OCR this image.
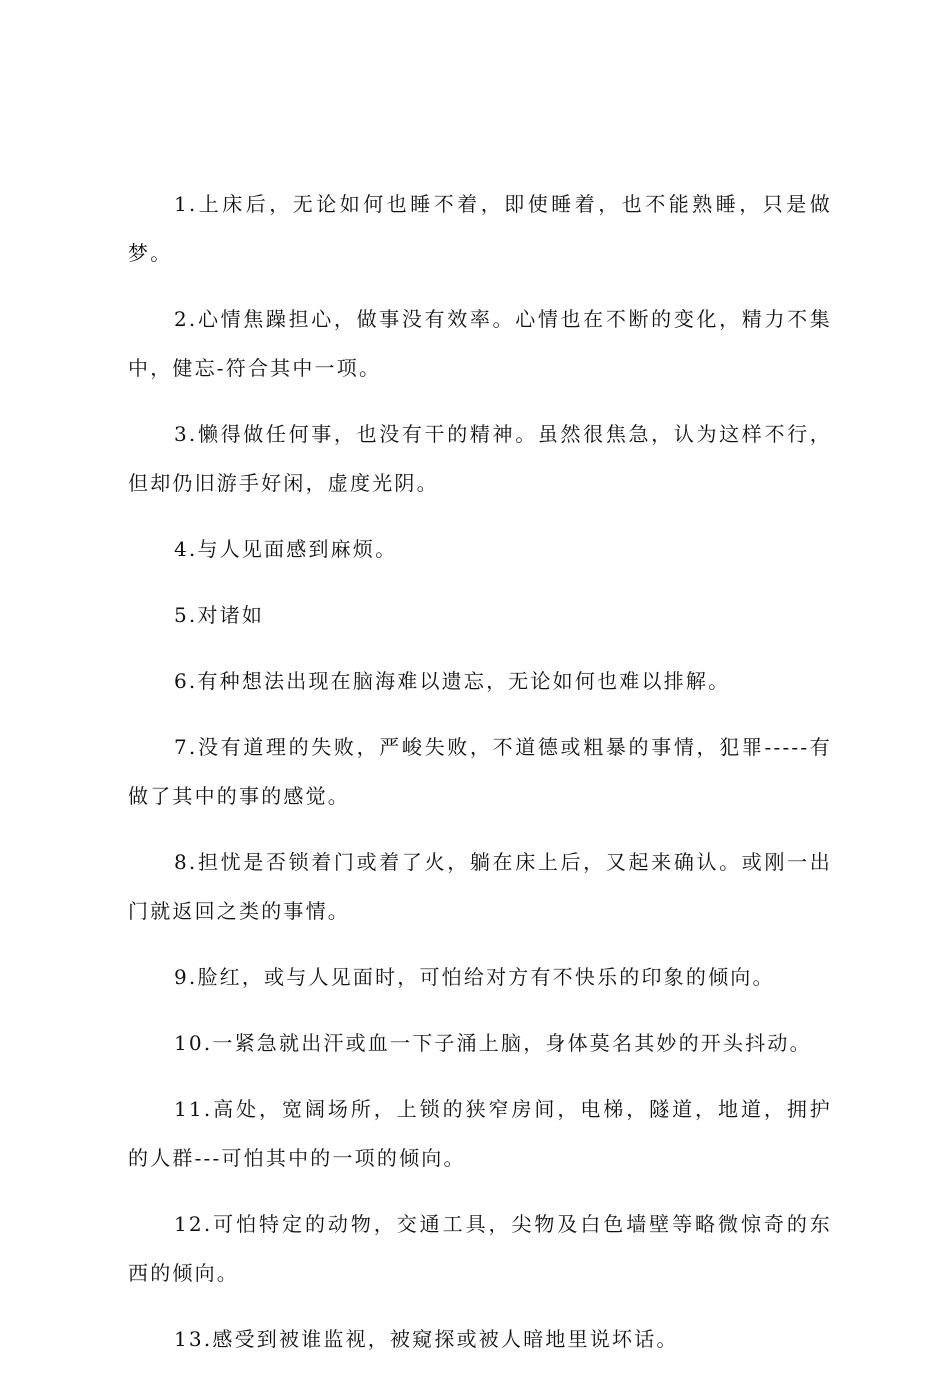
1.上床后，无论如何也睡不着，即使睡着，也不能熟睡，只是做梦。

2.心情焦躁担心，做事没有效率。心情也在不断的变化，精力不集中，健忘-符合其中一项。

3.懒得做任何事，也没有干的精神。虽然很焦急，认为这样不行，但却仍旧游手好闲，虚度光阴。

4.与人见面感到麻烦。

5.对诸如

6.有种想法出现在脑海难以遗忘，无论如何也难以排解。

7.没有道理的失败，严峻失败，不道德或粗暴的事情，犯罪-----有做了其中的事的感觉。

8.担忧是否锁着门或着了火，躺在床上后，又起来确认。或刚一出门就返回之类的事情。

9.脸红，或与人见面时，可怕给对方有不快乐的印象的倾向。

10.一紧急就出汗或血一下子涌上脑，身体莫名其妙的开头抖动。

11.高处，宽阔场所，上锁的狭窄房间，电梯，隧道，地道，拥护的人群---可怕其中的一项的倾向。

12.可怕特定的动物，交通工具，尖物及白色墙壁等略微惊奇的东西的倾向。

13.感受到被谁监视，被窥探或被人暗地里说坏话。
